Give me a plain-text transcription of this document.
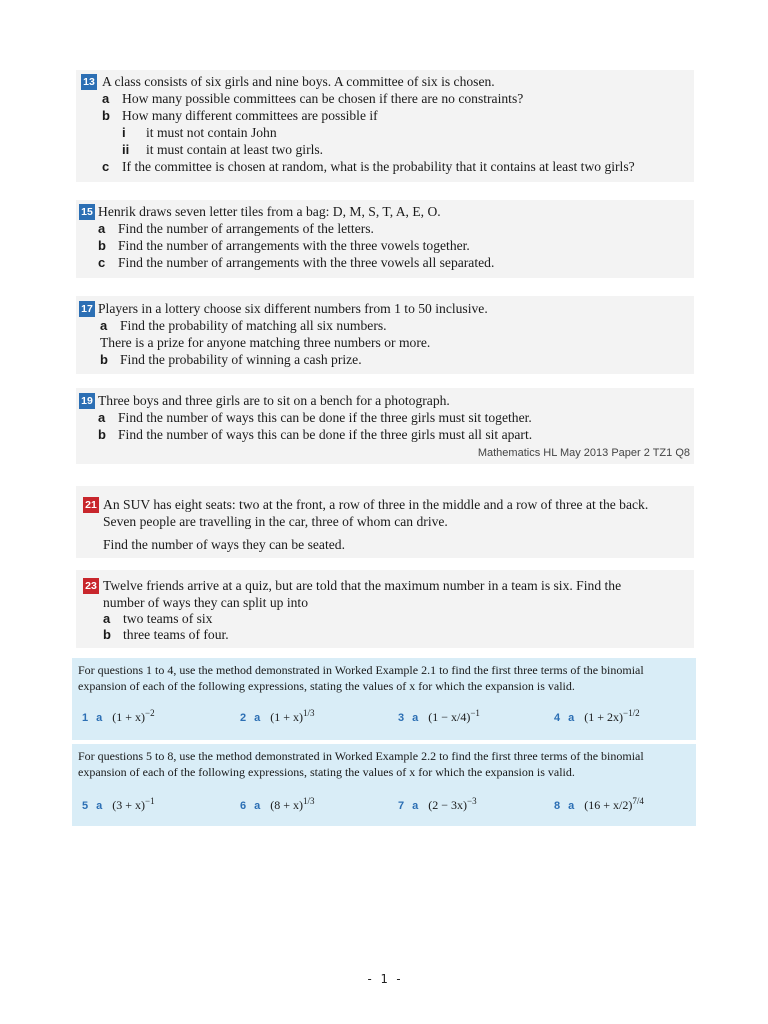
13 A class consists of six girls and nine boys. A committee of six is chosen.
a How many possible committees can be chosen if there are no constraints?
b How many different committees are possible if
i it must not contain John
ii it must contain at least two girls.
c If the committee is chosen at random, what is the probability that it contains at least two girls?
15 Henrik draws seven letter tiles from a bag: D, M, S, T, A, E, O.
a Find the number of arrangements of the letters.
b Find the number of arrangements with the three vowels together.
c Find the number of arrangements with the three vowels all separated.
17 Players in a lottery choose six different numbers from 1 to 50 inclusive.
a Find the probability of matching all six numbers.
There is a prize for anyone matching three numbers or more.
b Find the probability of winning a cash prize.
19 Three boys and three girls are to sit on a bench for a photograph.
a Find the number of ways this can be done if the three girls must sit together.
b Find the number of ways this can be done if the three girls must all sit apart.
Mathematics HL May 2013 Paper 2 TZ1 Q8
21 An SUV has eight seats: two at the front, a row of three in the middle and a row of three at the back.
Seven people are travelling in the car, three of whom can drive.
Find the number of ways they can be seated.
23 Twelve friends arrive at a quiz, but are told that the maximum number in a team is six. Find the
number of ways they can split up into
a two teams of six
b three teams of four.
For questions 1 to 4, use the method demonstrated in Worked Example 2.1 to find the first three terms of the binomial expansion of each of the following expressions, stating the values of x for which the expansion is valid.
1 a $(1 + x)^{-2}$	2 a $(1 + x)^{1/3}$	3 a $(1 - x/4)^{-1}$	4 a $(1 + 2x)^{-1/2}$
For questions 5 to 8, use the method demonstrated in Worked Example 2.2 to find the first three terms of the binomial expansion of each of the following expressions, stating the values of x for which the expansion is valid.
5 a $(3 + x)^{-1}$	6 a $(8 + x)^{1/3}$	7 a $(2 - 3x)^{-3}$	8 a $(16 + x/2)^{7/4}$
- 1 -
